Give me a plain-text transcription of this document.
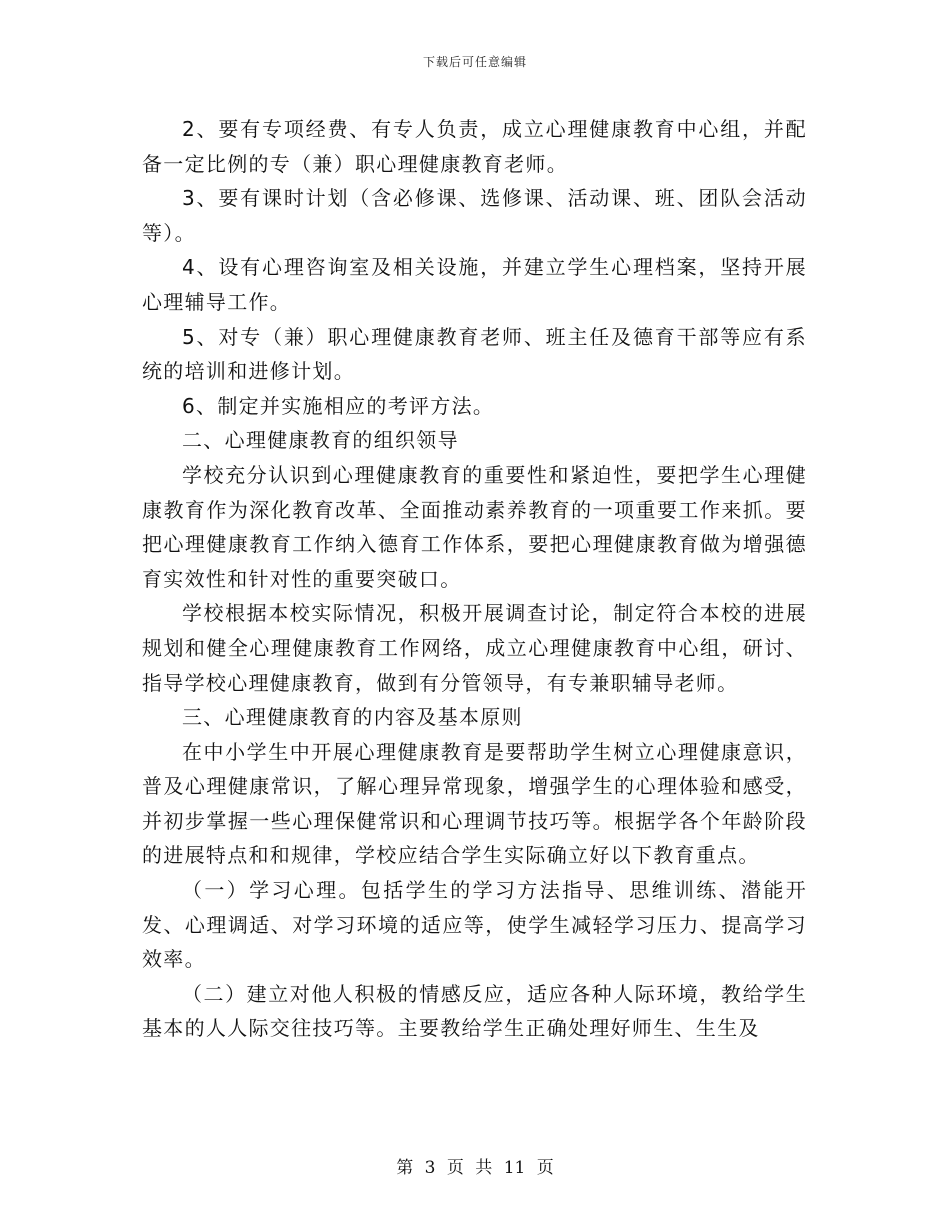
下载后可任意编辑

2、要有专项经费、有专人负责，成立心理健康教育中心组，并配备一定比例的专（兼）职心理健康教育老师。

3、要有课时计划（含必修课、选修课、活动课、班、团队会活动等）。

4、设有心理咨询室及相关设施，并建立学生心理档案，坚持开展心理辅导工作。

5、对专（兼）职心理健康教育老师、班主任及德育干部等应有系统的培训和进修计划。

6、制定并实施相应的考评方法。

二、心理健康教育的组织领导

学校充分认识到心理健康教育的重要性和紧迫性，要把学生心理健康教育作为深化教育改革、全面推动素养教育的一项重要工作来抓。要把心理健康教育工作纳入德育工作体系，要把心理健康教育做为增强德育实效性和针对性的重要突破口。

学校根据本校实际情况，积极开展调查讨论，制定符合本校的进展规划和健全心理健康教育工作网络，成立心理健康教育中心组，研讨、指导学校心理健康教育，做到有分管领导，有专兼职辅导老师。

三、心理健康教育的内容及基本原则

在中小学生中开展心理健康教育是要帮助学生树立心理健康意识，普及心理健康常识，了解心理异常现象，增强学生的心理体验和感受，并初步掌握一些心理保健常识和心理调节技巧等。根据学各个年龄阶段的进展特点和和规律，学校应结合学生实际确立好以下教育重点。

（一）学习心理。包括学生的学习方法指导、思维训练、潜能开发、心理调适、对学习环境的适应等，使学生减轻学习压力、提高学习效率。

（二）建立对他人积极的情感反应，适应各种人际环境，教给学生基本的人人际交往技巧等。主要教给学生正确处理好师生、生生及

第 3 页 共 11 页
